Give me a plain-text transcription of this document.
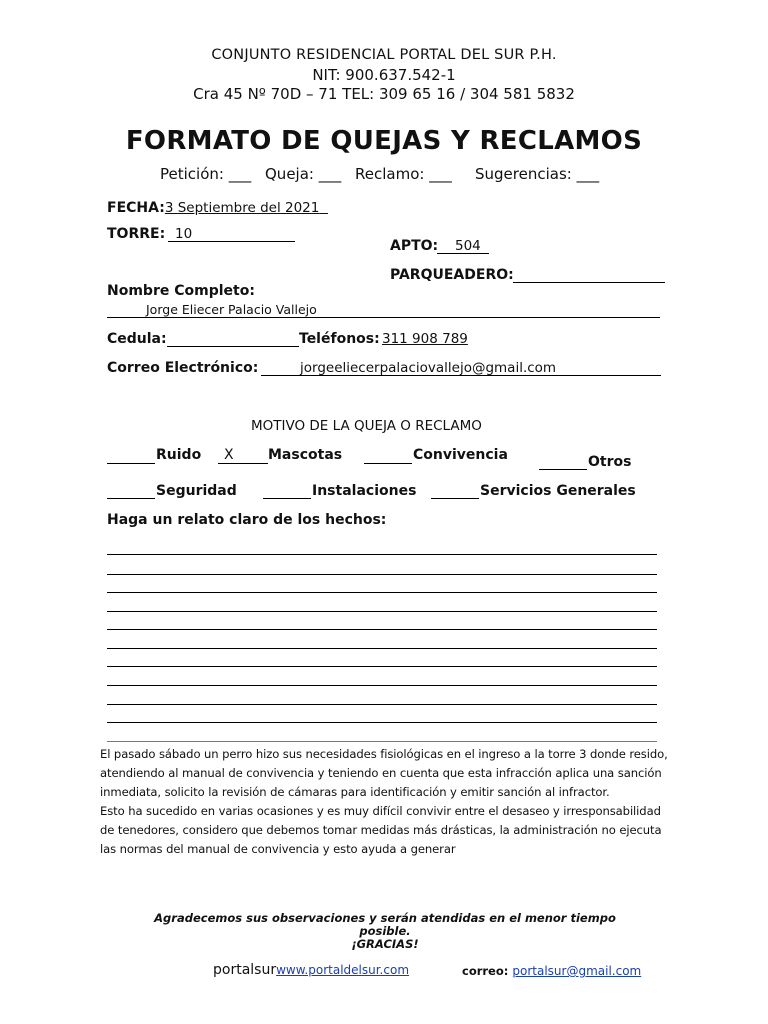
CONJUNTO RESIDENCIAL PORTAL DEL SUR P.H.
NIT: 900.637.542-1
Cra 45 Nº 70D – 71 TEL: 309 65 16 / 304 581 5832
FORMATO DE QUEJAS Y RECLAMOS
Petición: ___ Queja: ___ Reclamo: ___ Sugerencias: ___
FECHA:3 Septiembre del 2021
TORRE: 10
APTO: 504
PARQUEADERO:
Nombre Completo:
Jorge Eliecer Palacio Vallejo
Cedula:	Teléfonos: 311 908 789
Correo Electrónico:	jorgeeliecerpalaciovallejo@gmail.com
MOTIVO DE LA QUEJA O RECLAMO
Ruido X Mascotas	Convivencia	Otros
Seguridad	Instalaciones	Servicios Generales
Haga un relato claro de los hechos:
El pasado sábado un perro hizo sus necesidades fisiológicas en el ingreso a la torre 3 donde resido,
atendiendo al manual de convivencia y teniendo en cuenta que esta infracción aplica una sanción
inmediata, solicito la revisión de cámaras para identificación y emitir sanción al infractor.
Esto ha sucedido en varias ocasiones y es muy difícil convivir entre el desaseo y irresponsabilidad
de tenedores, considero que debemos tomar medidas más drásticas, la administración no ejecuta
las normas del manual de convivencia y esto ayuda a generar
Agradecemos sus observaciones y serán atendidas en el menor tiempo
posible.
¡GRACIAS!
portalsurwww.portaldelsur.com	correo: portalsur@gmail.com
